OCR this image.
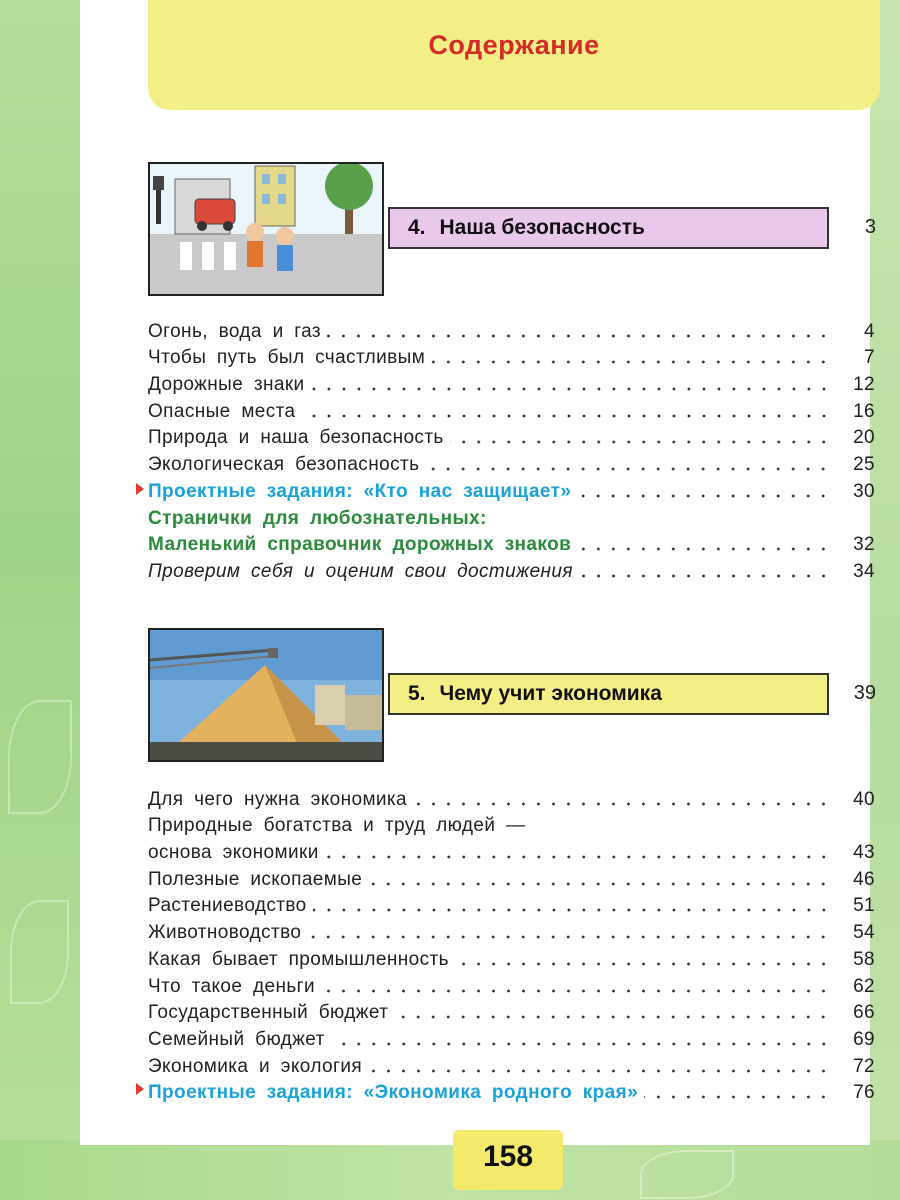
Содержание
4. Наша безопасность	3
Огонь, вода и газ	4
Чтобы путь был счастливым	7
Дорожные знаки	12
Опасные места	16
Природа и наша безопасность	20
Экологическая безопасность	25
Проектные задания: «Кто нас защищает»	30
Странички для любознательных:
Маленький справочник дорожных знаков	32
Проверим себя и оценим свои достижения	34
5. Чему учит экономика	39
Для чего нужна экономика	40
Природные богатства и труд людей —
основа экономики	43
Полезные ископаемые	46
Растениеводство	51
Животноводство	54
Какая бывает промышленность	58
Что такое деньги	62
Государственный бюджет	66
Семейный бюджет	69
Экономика и экология	72
Проектные задания: «Экономика родного края»	76
158
